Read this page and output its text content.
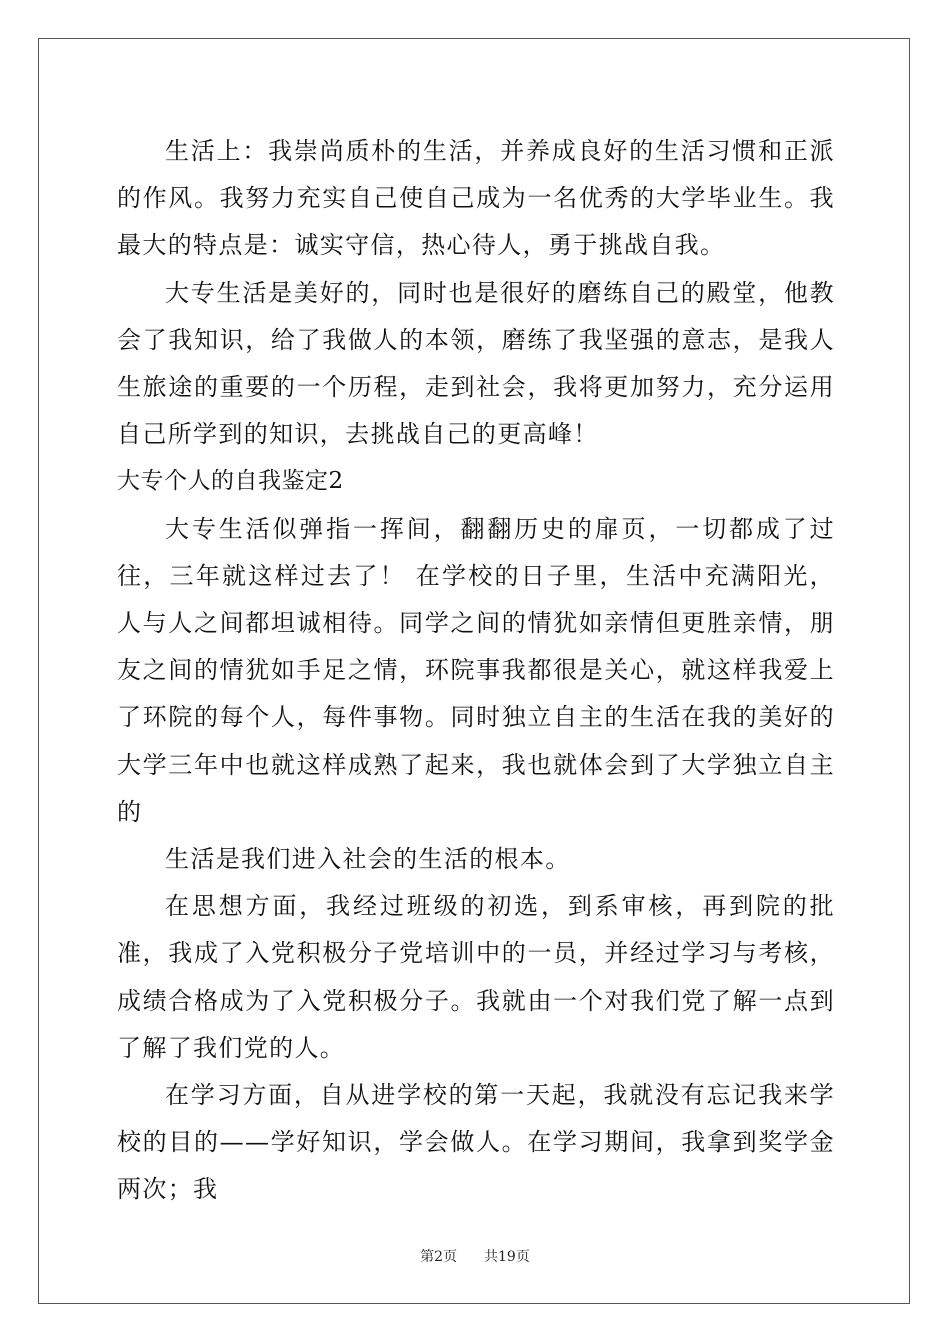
生活上：我崇尚质朴的生活，并养成良好的生活习惯和正派的作风。我努力充实自己使自己成为一名优秀的大学毕业生。我最大的特点是：诚实守信，热心待人，勇于挑战自我。

大专生活是美好的，同时也是很好的磨练自己的殿堂，他教会了我知识，给了我做人的本领，磨练了我坚强的意志，是我人生旅途的重要的一个历程，走到社会，我将更加努力，充分运用自己所学到的知识，去挑战自己的更高峰！

大专个人的自我鉴定2

大专生活似弹指一挥间，翻翻历史的扉页，一切都成了过往，三年就这样过去了！ 在学校的日子里，生活中充满阳光，人与人之间都坦诚相待。同学之间的情犹如亲情但更胜亲情，朋友之间的情犹如手足之情，环院事我都很是关心，就这样我爱上了环院的每个人，每件事物。同时独立自主的生活在我的美好的大学三年中也就这样成熟了起来，我也就体会到了大学独立自主的

生活是我们进入社会的生活的根本。

在思想方面，我经过班级的初选，到系审核，再到院的批准，我成了入党积极分子党培训中的一员，并经过学习与考核，成绩合格成为了入党积极分子。我就由一个对我们党了解一点到了解了我们党的人。

在学习方面，自从进学校的第一天起，我就没有忘记我来学校的目的——学好知识，学会做人。在学习期间，我拿到奖学金两次；我

第2页 共19页
